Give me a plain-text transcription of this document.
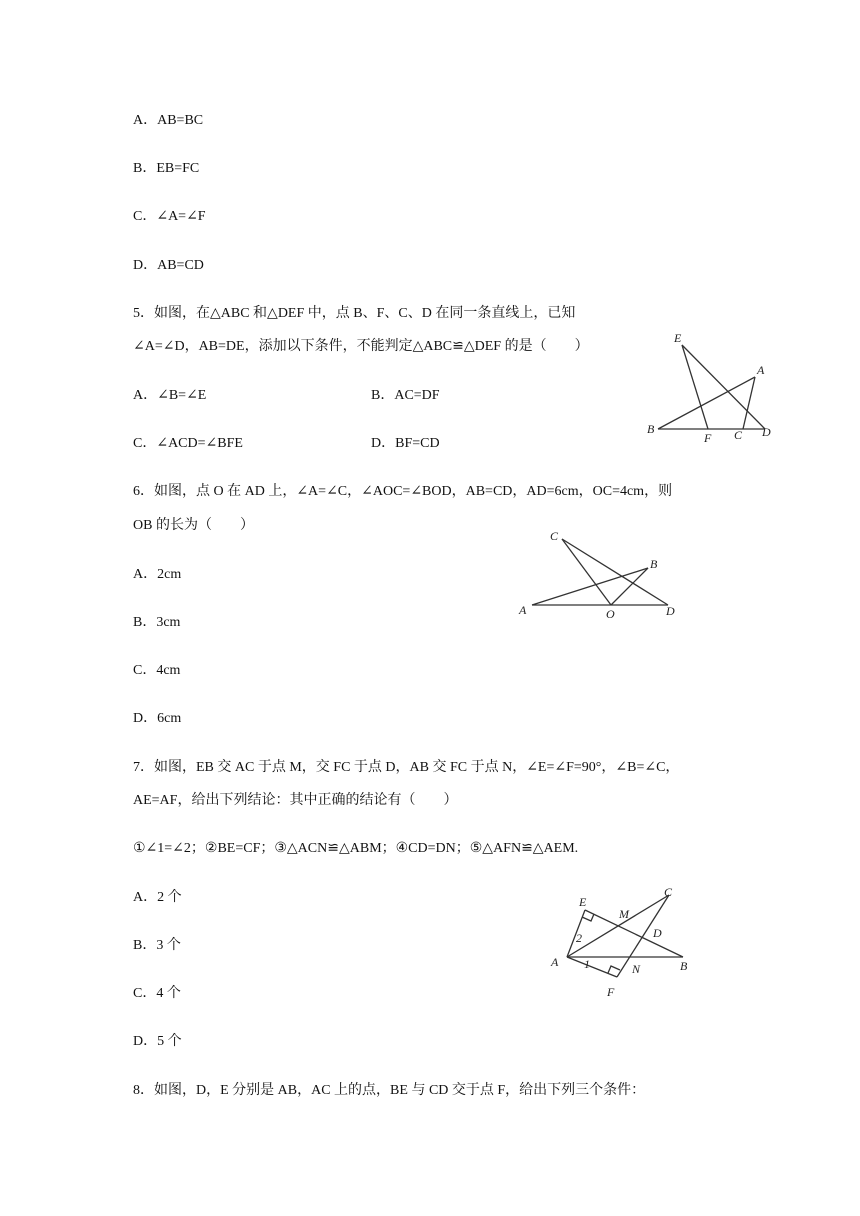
A．AB=BC
B．EB=FC
C．∠A=∠F
D．AB=CD
5．如图，在△ABC 和△DEF 中，点 B、F、C、D 在同一条直线上，已知
∠A=∠D，AB=DE，添加以下条件，不能判定△ABC≌△DEF 的是（　　）
A．∠B=∠E	B．AC=DF
C．∠ACD=∠BFE	D．BF=CD
E
A
B
F C D
6．如图，点 O 在 AD 上，∠A=∠C，∠AOC=∠BOD，AB=CD，AD=6cm，OC=4cm，则
OB 的长为（　　）
A．2cm
B．3cm
C．4cm
D．6cm
C
B
A	O	D
7．如图，EB 交 AC 于点 M，交 FC 于点 D，AB 交 FC 于点 N，∠E=∠F=90°，∠B=∠C，
AE=AF，给出下列结论：其中正确的结论有（　　）
①∠1=∠2；②BE=CF；③△ACN≌△ABM；④CD=DN；⑤△AFN≌△AEM.
A．2 个
B．3 个
C．4 个
D．5 个
E
M
C
D
2
A 1	N	B
F
8．如图，D，E 分别是 AB，AC 上的点，BE 与 CD 交于点 F，给出下列三个条件：
